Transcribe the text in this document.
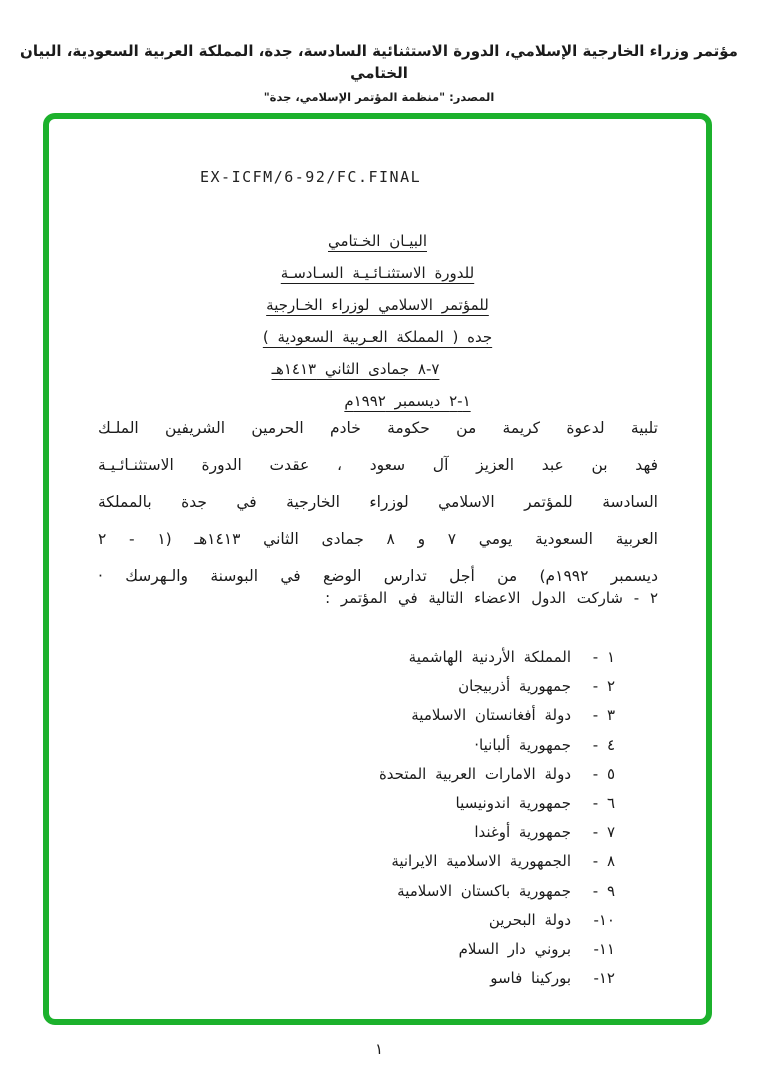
مؤتمر وزراء الخارجية الإسلامي، الدورة الاستثنائية السادسة، جدة، المملكة العربية السعودية، البيان الختامي
المصدر: "منظمة المؤتمر الإسلامي، جدة"
EX-ICFM/6-92/FC.FINAL
البيـان الخـتامي
للدورة الاستثنـائـيـة السـادسـة
للمؤتمر الاسلامي لوزراء الخـارجية
جده ( المملكة العـربية السعودية )
٧-٨ جمادى الثاني ١٤١٣هـ
١-٢ ديسمبر ١٩٩٢م
تلبية لدعوة كريمة من حكومة خادم الحرمين الشريفين الملـك
فهد بن عبد العزيز آل سعود ، عقدت الدورة الاستثنـائـيـة
السادسة للمؤتمر الاسلامي لوزراء الخارجية في جدة بالمملكة
العربية السعودية يومي ٧ و ٨ جمادى الثاني ١٤١٣هـ (١ - ٢
ديسمبر ١٩٩٢م) من أجل تدارس الوضع في البوسنة والـهرسك ·
٢ - شاركت الدول الاعضاء التالية في المؤتمر :
١ -المملكة الأردنية الهاشمية
٢ -جمهورية أذربيجان
٣ -دولة أفغانستان الاسلامية
٤ -جمهورية ألبانيا·
٥ -دولة الامارات العربية المتحدة
٦ -جمهورية اندونيسيا
٧ -جمهورية أوغندا
٨ -الجمهورية الاسلامية الايرانية
٩ -جمهورية باكستان الاسلامية
١٠-دولة البحرين
١١-بروني دار السلام
١٢-بوركينا فاسو
١
